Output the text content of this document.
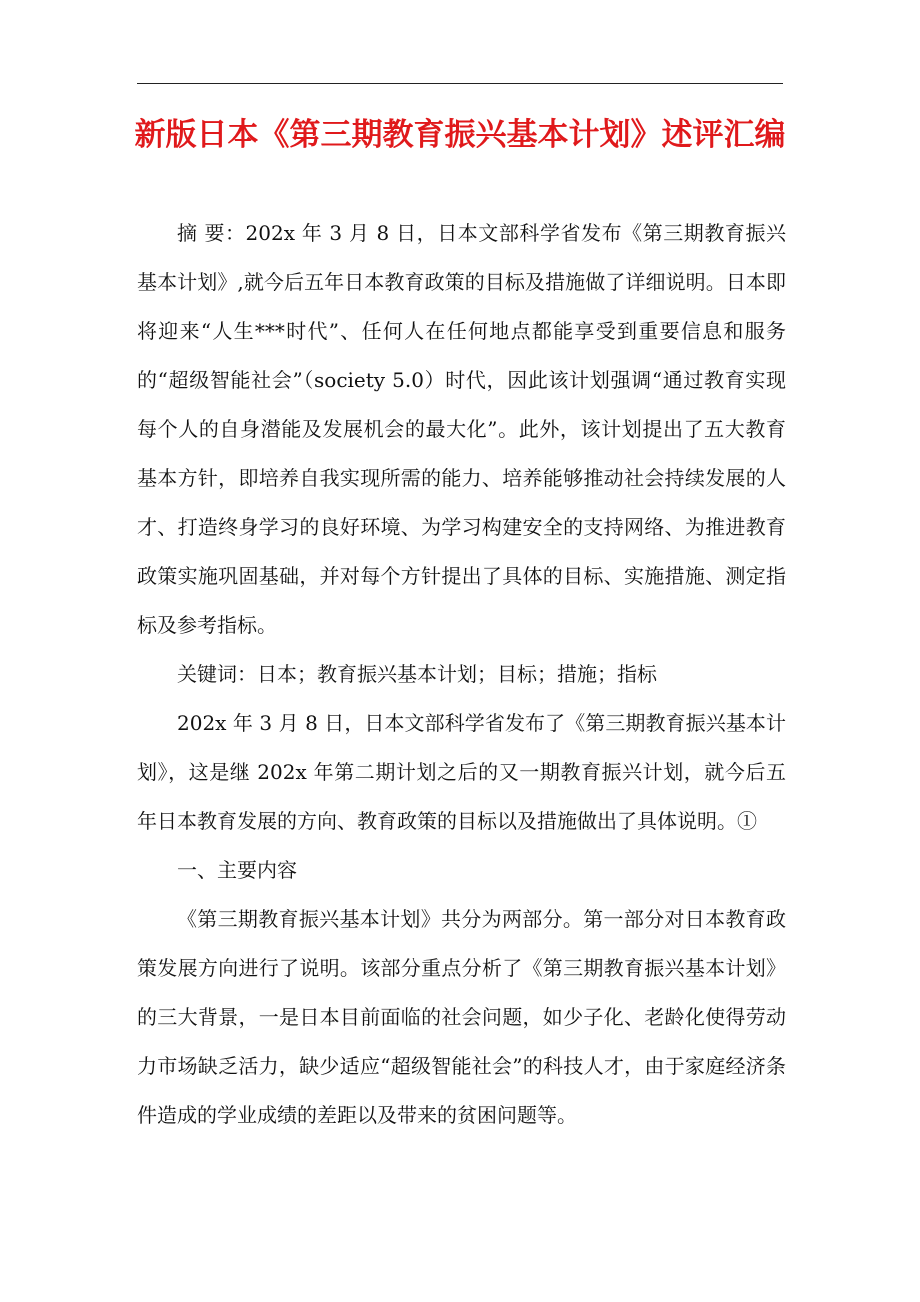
新版日本《第三期教育振兴基本计划》述评汇编

摘 要：202x 年 3 月 8 日，日本文部科学省发布《第三期教育振兴基本计划》,就今后五年日本教育政策的目标及措施做了详细说明。日本即将迎来“人生***时代”、任何人在任何地点都能享受到重要信息和服务的“超级智能社会”（society 5.0）时代，因此该计划强调“通过教育实现每个人的自身潜能及发展机会的最大化”。此外，该计划提出了五大教育基本方针，即培养自我实现所需的能力、培养能够推动社会持续发展的人才、打造终身学习的良好环境、为学习构建安全的支持网络、为推进教育政策实施巩固基础，并对每个方针提出了具体的目标、实施措施、测定指标及参考指标。

关键词：日本；教育振兴基本计划；目标；措施；指标

202x 年 3 月 8 日，日本文部科学省发布了《第三期教育振兴基本计划》，这是继 202x 年第二期计划之后的又一期教育振兴计划，就今后五年日本教育发展的方向、教育政策的目标以及措施做出了具体说明。①

一、主要内容

《第三期教育振兴基本计划》共分为两部分。第一部分对日本教育政策发展方向进行了说明。该部分重点分析了《第三期教育振兴基本计划》的三大背景，一是日本目前面临的社会问题，如少子化、老龄化使得劳动力市场缺乏活力，缺少适应“超级智能社会”的科技人才，由于家庭经济条件造成的学业成绩的差距以及带来的贫困问题等。
